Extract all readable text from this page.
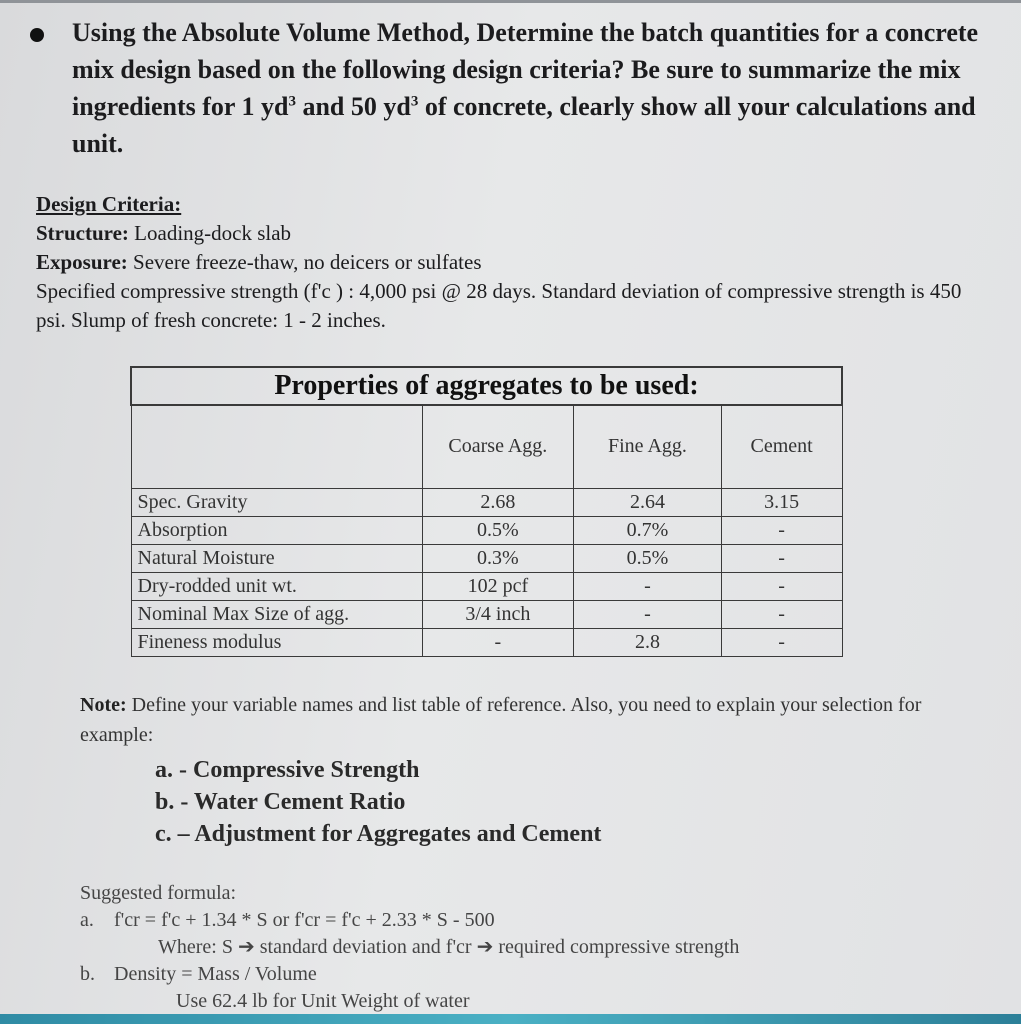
Using the Absolute Volume Method, Determine the batch quantities for a concrete mix design based on the following design criteria? Be sure to summarize the mix ingredients for 1 $yd^3$ and 50 $yd^3$ of concrete, clearly show all your calculations and unit.
Design Criteria:
Structure: Loading-dock slab
Exposure: Severe freeze-thaw, no deicers or sulfates
Specified compressive strength (f'c ) : 4,000 psi @ 28 days. Standard deviation of compressive strength is 450 psi. Slump of fresh concrete: 1 - 2 inches.
Properties of aggregates to be used:			
	Coarse Agg.	Fine Agg.	Cement
Spec. Gravity	2.68	2.64	3.15
Absorption	0.5%	0.7%	-
Natural Moisture	0.3%	0.5%	-
Dry-rodded unit wt.	102 pcf	-	-
Nominal Max Size of agg.	3/4 inch	-	-
Fineness modulus	-	2.8	-
Note: Define your variable names and list table of reference. Also, you need to explain your selection for example:
a. - Compressive Strength
b. - Water Cement Ratio
c. – Adjustment for Aggregates and Cement
Suggested formula:
a. f'cr = f'c + 1.34 * S or f'cr = f'c + 2.33 * S - 500
Where: S ➔ standard deviation and f'cr ➔ required compressive strength
b. Density = Mass / Volume
Use 62.4 lb for Unit Weight of water
